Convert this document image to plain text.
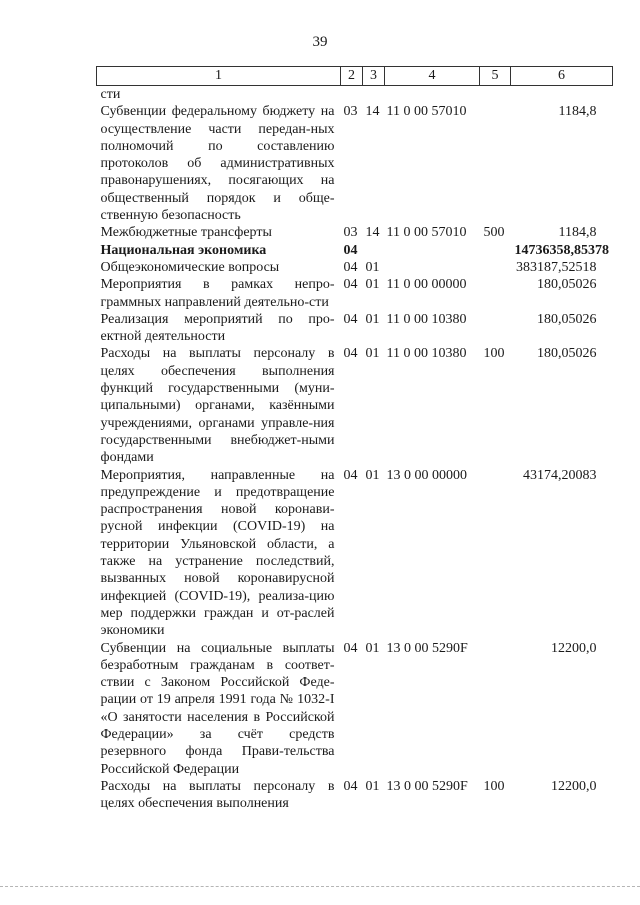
39
1	2	3	4	5	6
сти					
Субвенции федеральному бюджету на осуществление части передан-ных полномочий по составлению протоколов об административных правонарушениях, посягающих на общественный порядок и обще-ственную безопасность	03	14	11 0 00 57010		1184,8
Межбюджетные трансферты	03	14	11 0 00 57010	500	1184,8
Национальная экономика	04				14736358,85378
Общеэкономические вопросы	04	01			383187,52518
Мероприятия в рамках непро-граммных направлений деятельно-сти	04	01	11 0 00 00000		180,05026
Реализация мероприятий по про-ектной деятельности	04	01	11 0 00 10380		180,05026
Расходы на выплаты персоналу в целях обеспечения выполнения функций государственными (муни-ципальными) органами, казёнными учреждениями, органами управле-ния государственными внебюджет-ными фондами	04	01	11 0 00 10380	100	180,05026
Мероприятия, направленные на предупреждение и предотвращение распространения новой коронави-русной инфекции (COVID-19) на территории Ульяновской области, а также на устранение последствий, вызванных новой коронавирусной инфекцией (COVID-19), реализа-цию мер поддержки граждан и от-раслей экономики	04	01	13 0 00 00000		43174,20083
Субвенции на социальные выплаты безработным гражданам в соответ-ствии с Законом Российской Феде-рации от 19 апреля 1991 года № 1032-I «О занятости населения в Российской Федерации» за счёт средств резервного фонда Прави-тельства Российской Федерации	04	01	13 0 00 5290F		12200,0
Расходы на выплаты персоналу в целях обеспечения выполнения	04	01	13 0 00 5290F	100	12200,0
